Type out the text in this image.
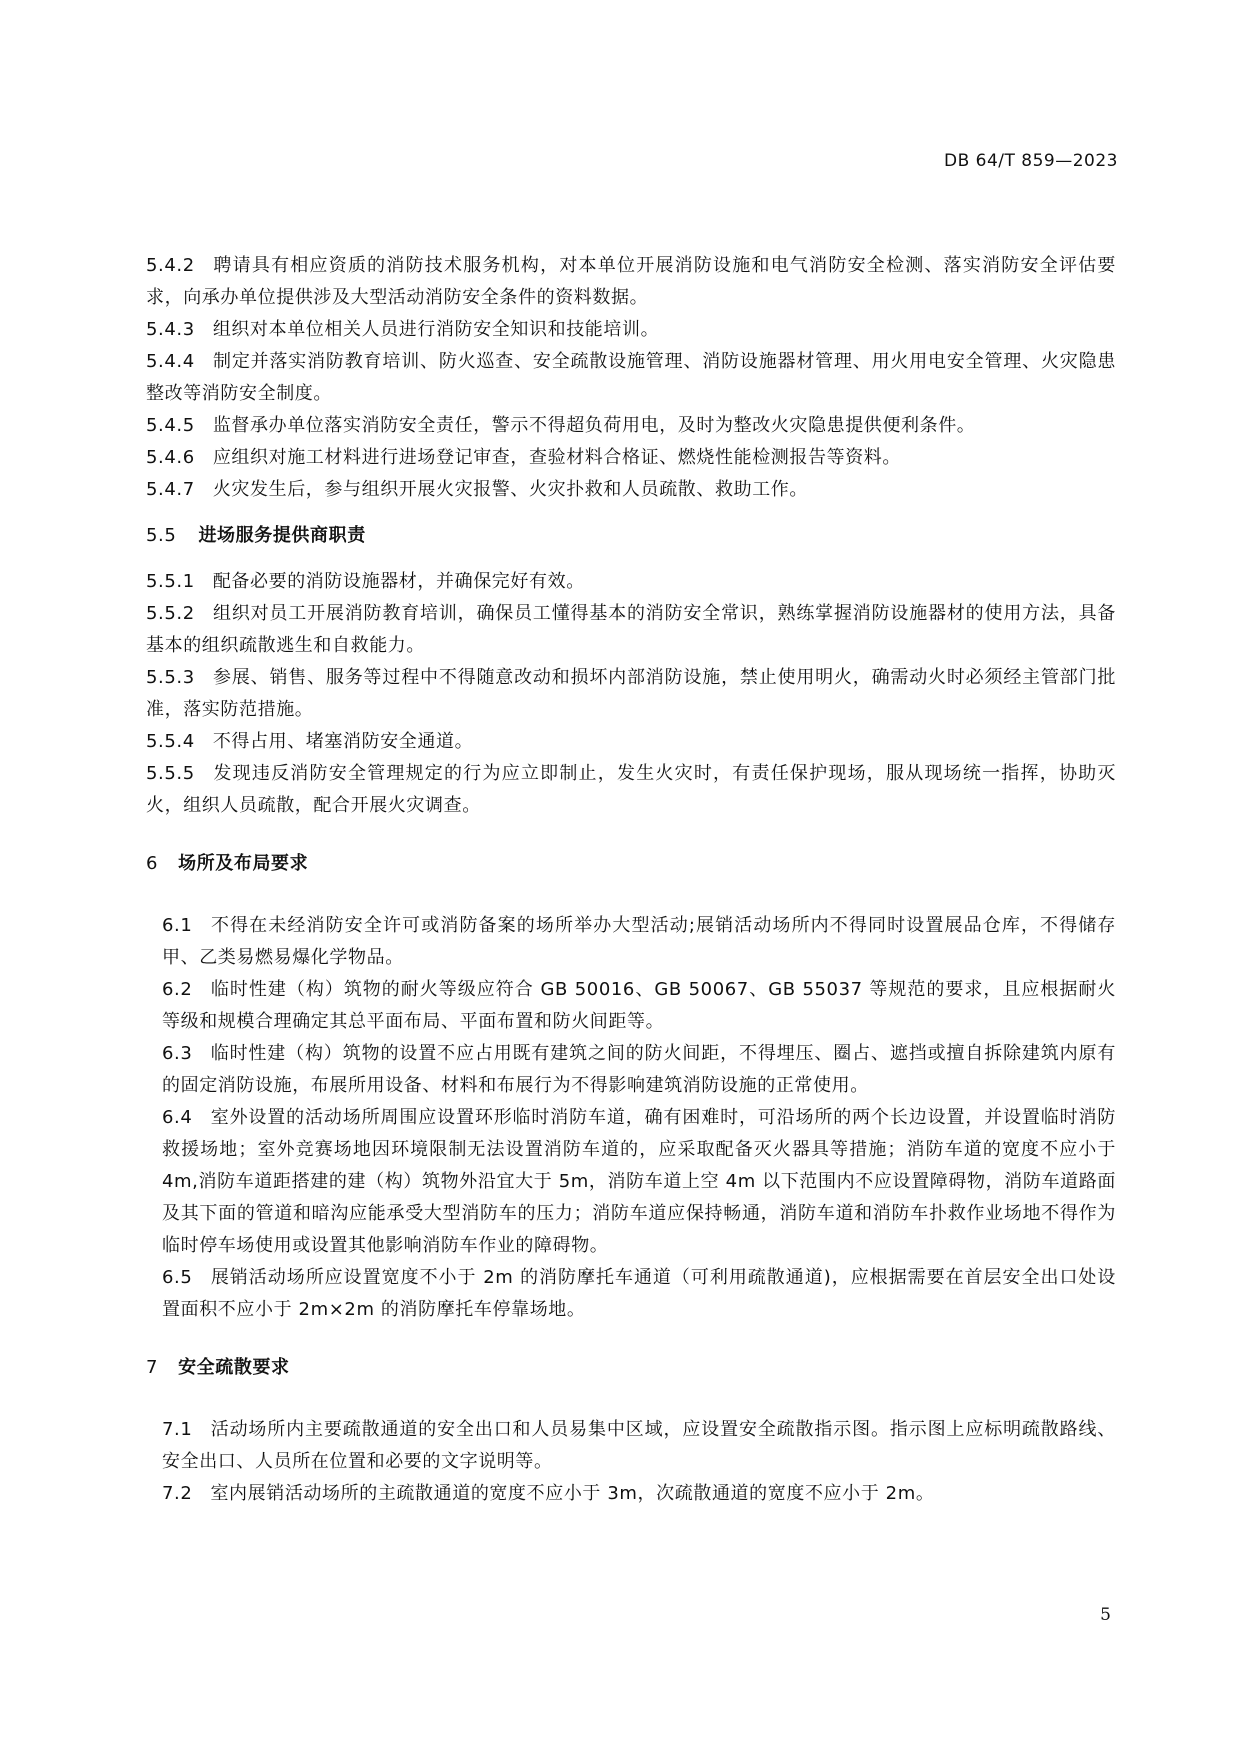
DB 64/T 859—2023

5.4.2 聘请具有相应资质的消防技术服务机构，对本单位开展消防设施和电气消防安全检测、落实消防安全评估要求，向承办单位提供涉及大型活动消防安全条件的资料数据。

5.4.3 组织对本单位相关人员进行消防安全知识和技能培训。

5.4.4 制定并落实消防教育培训、防火巡查、安全疏散设施管理、消防设施器材管理、用火用电安全管理、火灾隐患整改等消防安全制度。

5.4.5 监督承办单位落实消防安全责任，警示不得超负荷用电，及时为整改火灾隐患提供便利条件。

5.4.6 应组织对施工材料进行进场登记审查，查验材料合格证、燃烧性能检测报告等资料。

5.4.7 火灾发生后，参与组织开展火灾报警、火灾扑救和人员疏散、救助工作。

5.5 进场服务提供商职责

5.5.1 配备必要的消防设施器材，并确保完好有效。

5.5.2 组织对员工开展消防教育培训，确保员工懂得基本的消防安全常识，熟练掌握消防设施器材的使用方法，具备基本的组织疏散逃生和自救能力。

5.5.3 参展、销售、服务等过程中不得随意改动和损坏内部消防设施，禁止使用明火，确需动火时必须经主管部门批准，落实防范措施。

5.5.4 不得占用、堵塞消防安全通道。

5.5.5 发现违反消防安全管理规定的行为应立即制止，发生火灾时，有责任保护现场，服从现场统一指挥，协助灭火，组织人员疏散，配合开展火灾调查。

6 场所及布局要求

6.1 不得在未经消防安全许可或消防备案的场所举办大型活动;展销活动场所内不得同时设置展品仓库，不得储存甲、乙类易燃易爆化学物品。

6.2 临时性建（构）筑物的耐火等级应符合 GB 50016、GB 50067、GB 55037 等规范的要求，且应根据耐火等级和规模合理确定其总平面布局、平面布置和防火间距等。

6.3 临时性建（构）筑物的设置不应占用既有建筑之间的防火间距，不得埋压、圈占、遮挡或擅自拆除建筑内原有的固定消防设施，布展所用设备、材料和布展行为不得影响建筑消防设施的正常使用。

6.4 室外设置的活动场所周围应设置环形临时消防车道，确有困难时，可沿场所的两个长边设置，并设置临时消防救援场地；室外竞赛场地因环境限制无法设置消防车道的，应采取配备灭火器具等措施；消防车道的宽度不应小于 4m,消防车道距搭建的建（构）筑物外沿宜大于 5m，消防车道上空 4m 以下范围内不应设置障碍物，消防车道路面及其下面的管道和暗沟应能承受大型消防车的压力；消防车道应保持畅通，消防车道和消防车扑救作业场地不得作为临时停车场使用或设置其他影响消防车作业的障碍物。

6.5 展销活动场所应设置宽度不小于 2m 的消防摩托车通道（可利用疏散通道)，应根据需要在首层安全出口处设置面积不应小于 2m×2m 的消防摩托车停靠场地。

7 安全疏散要求

7.1 活动场所内主要疏散通道的安全出口和人员易集中区域，应设置安全疏散指示图。指示图上应标明疏散路线、安全出口、人员所在位置和必要的文字说明等。

7.2 室内展销活动场所的主疏散通道的宽度不应小于 3m，次疏散通道的宽度不应小于 2m。

5
